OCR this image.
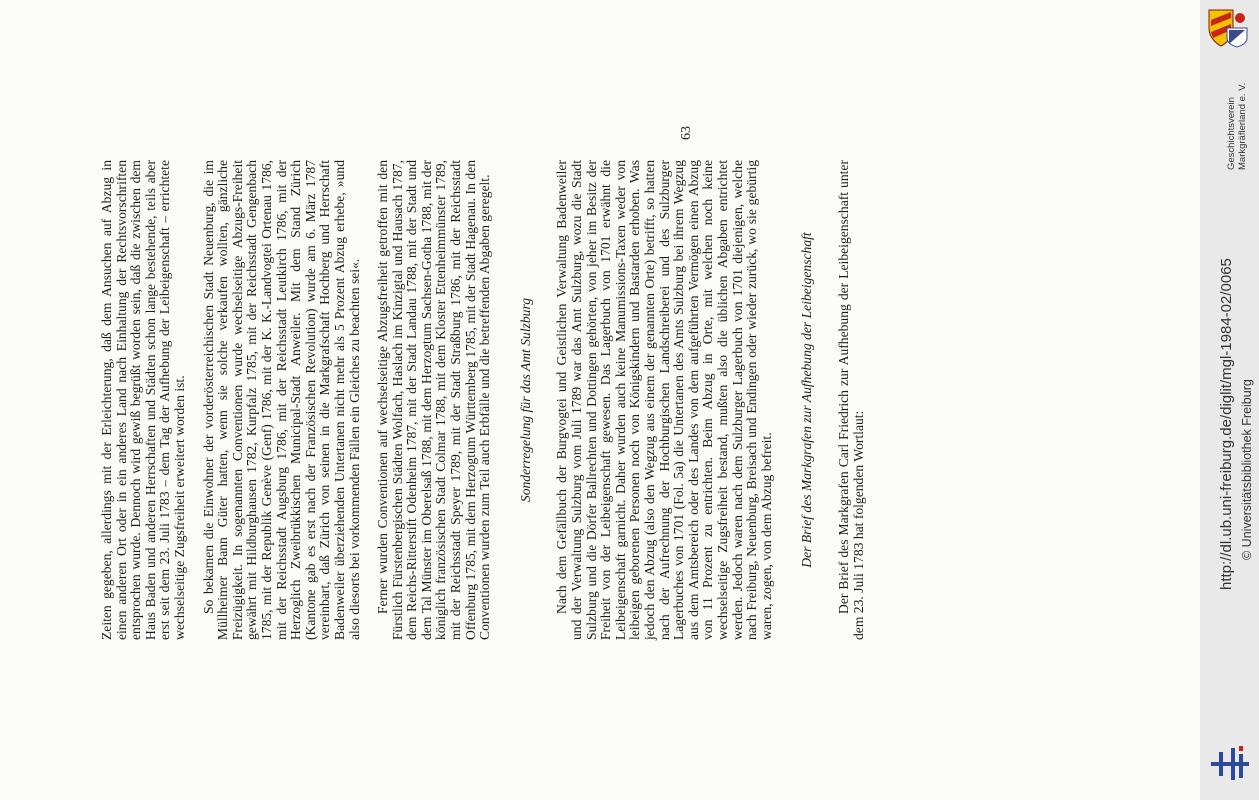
Zeiten gegeben, allerdings mit der Erleichterung, daß dem Ansuchen auf Abzug in einen anderen Ort oder in ein anderes Land nach Einhaltung der Rechtsvorschriften entsprochen wurde. Dennoch wird gewiß begrüßt worden sein, daß die zwischen dem Haus Baden und anderen Herrschaften und Städten schon lange bestehende, teils aber erst seit dem 23. Juli 1783 – dem Tag der Aufhebung der Leibeigenschaft – errichtete wechselseitige Zugsfreiheit erweitert worden ist. So bekamen die Einwohner der vorderösterreichischen Stadt Neuenburg, die im Müllheimer Bann Güter hatten, wenn sie solche verkaufen wollten, gänzliche Freizügigkeit. In sogenannten Conventionen wurde wechselseitige Abzugs-Freiheit gewährt mit Hildburghausen 1782, Kurpfalz 1785, mit der Reichsstadt Gengenbach 1785, mit der Republik Genève (Genf) 1786, mit der K. K.-Landvogtei Ortenau 1786, mit der Reichsstadt Augsburg 1786, mit der Reichsstadt Leutkirch 1786, mit der Herzoglich Zweibrükkischen Municipal-Stadt Anweiler. Mit dem Stand Zürich (Kantone gab es erst nach der Französischen Revolution) wurde am 6. März 1787 vereinbart, daß Zürich von seinen in die Markgrafschaft Hochberg und Herrschaft Badenweiler überziehenden Untertanen nicht mehr als 5 Prozent Abzug erhebe, »und also diesorts bei vorkommenden Fällen ein Gleiches zu beachten sei«. Ferner wurden Conventionen auf wechselseitige Abzugsfreiheit getroffen mit den Fürstlich Fürstenbergischen Städten Wolfach, Haslach im Kinzigtal und Hausach 1787, dem Reichs-Ritterstift Odenheim 1787, mit der Stadt Landau 1788, mit der Stadt und dem Tal Münster im Oberelsaß 1788, mit dem Herzogtum Sachsen-Gotha 1788, mit der königlich französischen Stadt Colmar 1788, mit dem Kloster Ettenheimmünster 1789, mit der Reichsstadt Speyer 1789, mit der Stadt Straßburg 1786, mit der Reichsstadt Offenburg 1785, mit dem Herzogtum Württemberg 1785, mit der Stadt Hagenau. In den Conventionen wurden zum Teil auch Erbfälle und die betreffenden Abgaben geregelt. Sonderregelung für das Amt Sulzburg Nach dem Gefällbuch der Burgvogtei und Geistlichen Verwaltung Badenweiler und der Verwaltung Sulzburg vom Juli 1789 war das Amt Sulzburg, wozu die Stadt Sulzburg und die Dörfer Ballrechten und Dottingen gehörten, von jeher im Besitz der Freiheit von der Leibeigenschaft gewesen. Das Lagerbuch von 1701 erwähnt die Leibeigenschaft garnicht. Daher wurden auch keine Manumissions-Taxen weder von leibeigen geborenen Personen noch von Königskindern und Bastarden erhoben. Was jedoch den Abzug (also den Wegzug aus einem der genannten Orte) betrifft, so hatten nach der Aufrechnung der Hochburgischen Landschreiberei und des Sulzburger Lagerbuches von 1701 (Fol. 5a) die Untertanen des Amts Sulzburg bei ihrem Wegzug aus dem Amtsbereich oder des Landes von dem aufgeführten Vermögen einen Abzug von 11 Prozent zu entrichten. Beim Abzug in Orte, mit welchen noch keine wechselseitige Zugsfreiheit bestand, mußten also die üblichen Abgaben entrichtet werden. Jedoch waren nach dem Sulzburger Lagerbuch von 1701 diejenigen, welche nach Freiburg, Neuenburg, Breisach und Endingen oder wieder zurück, wo sie gebürtig waren, zogen, von dem Abzug befreit. Der Brief des Markgrafen zur Aufhebung der Leibeigenschaft Der Brief des Markgrafen Carl Friedrich zur Aufhebung der Leibeigenschaft unter dem 23. Juli 1783 hat folgenden Wortlaut:

63	Geschichtsverein Markgräflerland e. V.
http://dl.ub.uni-freiburg.de/diglit/mgl-1984-02/0065 © Universitätsbibliothek Freiburg
